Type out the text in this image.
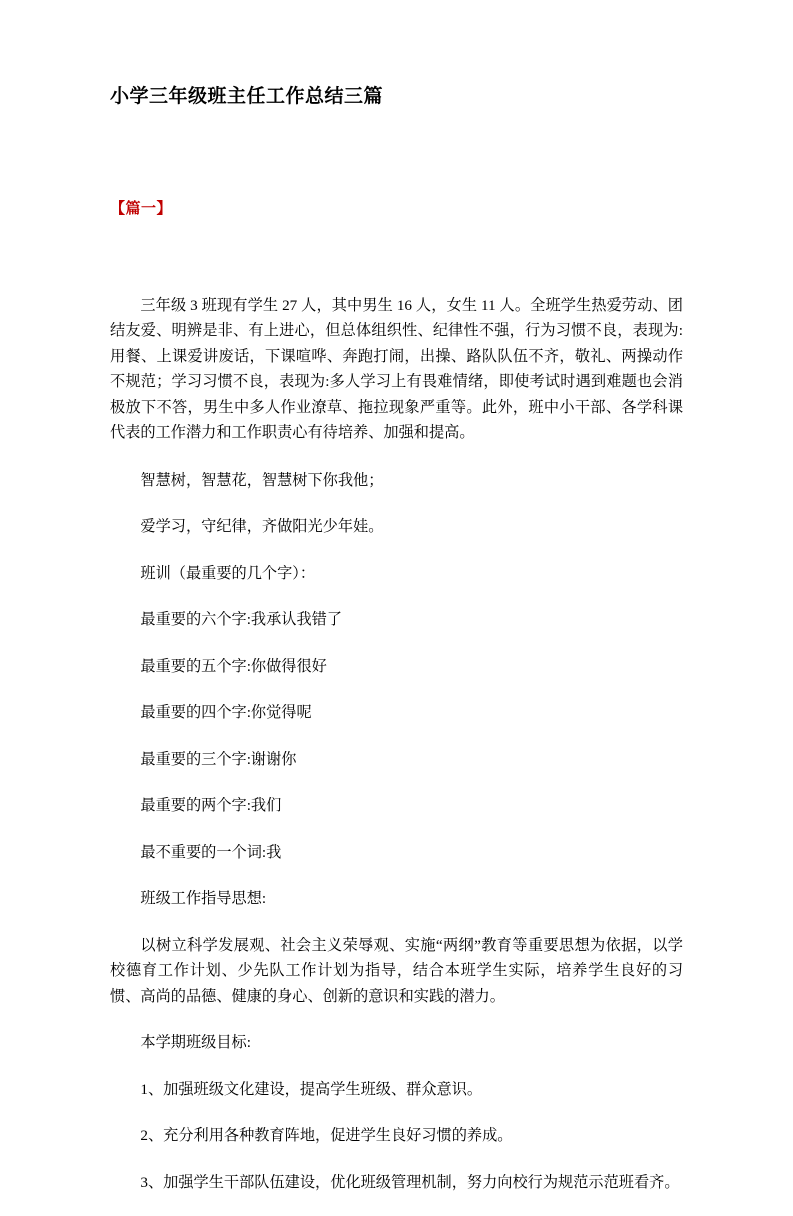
小学三年级班主任工作总结三篇
【篇一】

三年级 3 班现有学生 27 人，其中男生 16 人，女生 11 人。全班学生热爱劳动、团结友爱、明辨是非、有上进心，但总体组织性、纪律性不强，行为习惯不良，表现为:用餐、上课爱讲废话，下课喧哗、奔跑打闹，出操、路队队伍不齐，敬礼、两操动作不规范；学习习惯不良，表现为:多人学习上有畏难情绪，即使考试时遇到难题也会消极放下不答，男生中多人作业潦草、拖拉现象严重等。此外，班中小干部、各学科课代表的工作潜力和工作职责心有待培养、加强和提高。

智慧树，智慧花，智慧树下你我他；

爱学习，守纪律，齐做阳光少年娃。

班训（最重要的几个字）：

最重要的六个字:我承认我错了

最重要的五个字:你做得很好

最重要的四个字:你觉得呢

最重要的三个字:谢谢你

最重要的两个字:我们

最不重要的一个词:我

班级工作指导思想:

以树立科学发展观、社会主义荣辱观、实施“两纲”教育等重要思想为依据，以学校德育工作计划、少先队工作计划为指导，结合本班学生实际，培养学生良好的习惯、高尚的品德、健康的身心、创新的意识和实践的潜力。

本学期班级目标:

1、加强班级文化建设，提高学生班级、群众意识。

2、充分利用各种教育阵地，促进学生良好习惯的养成。

3、加强学生干部队伍建设，优化班级管理机制，努力向校行为规范示范班看齐。
